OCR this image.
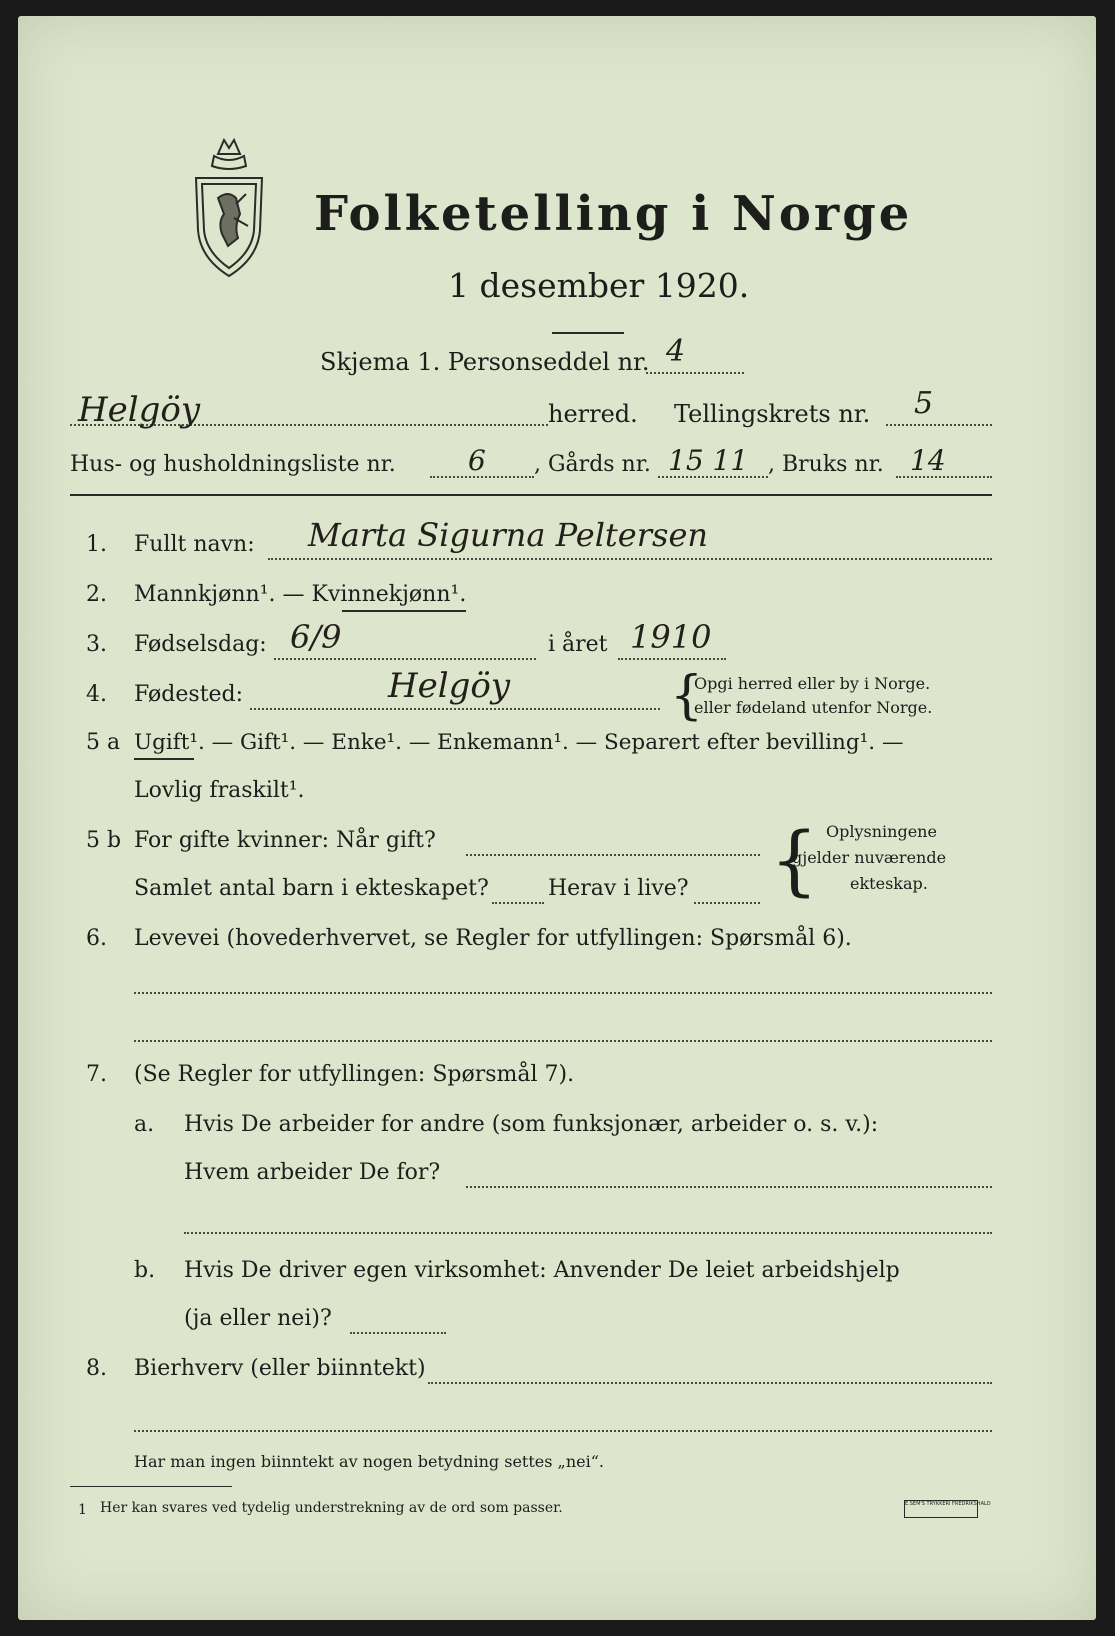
Folketelling i Norge
1 desember 1920.
Skjema 1. Personseddel nr. 4
Helgöy	herred. Tellingskrets nr. 5
Hus- og husholdningsliste nr.	6 , Gårds nr. 15 11 , Bruks nr. 14
1. Fullt navn: Marta Sigurna Peltersen
2. Mannkjønn¹. — Kvinnekjønn¹.
3. Fødselsdag: 6/9	i året 1910
4. Fødested:	Helgöy	{
Opgi herred eller by i Norge.
eller fødeland utenfor Norge.
5 a Ugift¹. — Gift¹. — Enke¹. — Enkemann¹. — Separert efter bevilling¹. —
Lovlig fraskilt¹.
5 b For gifte kvinner: Når gift?
Samlet antal barn i ekteskapet?	Herav i live? { Oplysningene
gjelder nuværende
ekteskap.
6. Levevei (hovederhvervet, se Regler for utfyllingen: Spørsmål 6).
7. (Se Regler for utfyllingen: Spørsmål 7).
a. Hvis De arbeider for andre (som funksjonær, arbeider o. s. v.):
Hvem arbeider De for?
b. Hvis De driver egen virksomhet: Anvender De leiet arbeidshjelp
(ja eller nei)?
8. Bierhverv (eller biinntekt)
Har man ingen biinntekt av nogen betydning settes „nei“.
1 Her kan svares ved tydelig understrekning av de ord som passer.	E.SEM'S TRYKKERI FREDRIKSHALD
